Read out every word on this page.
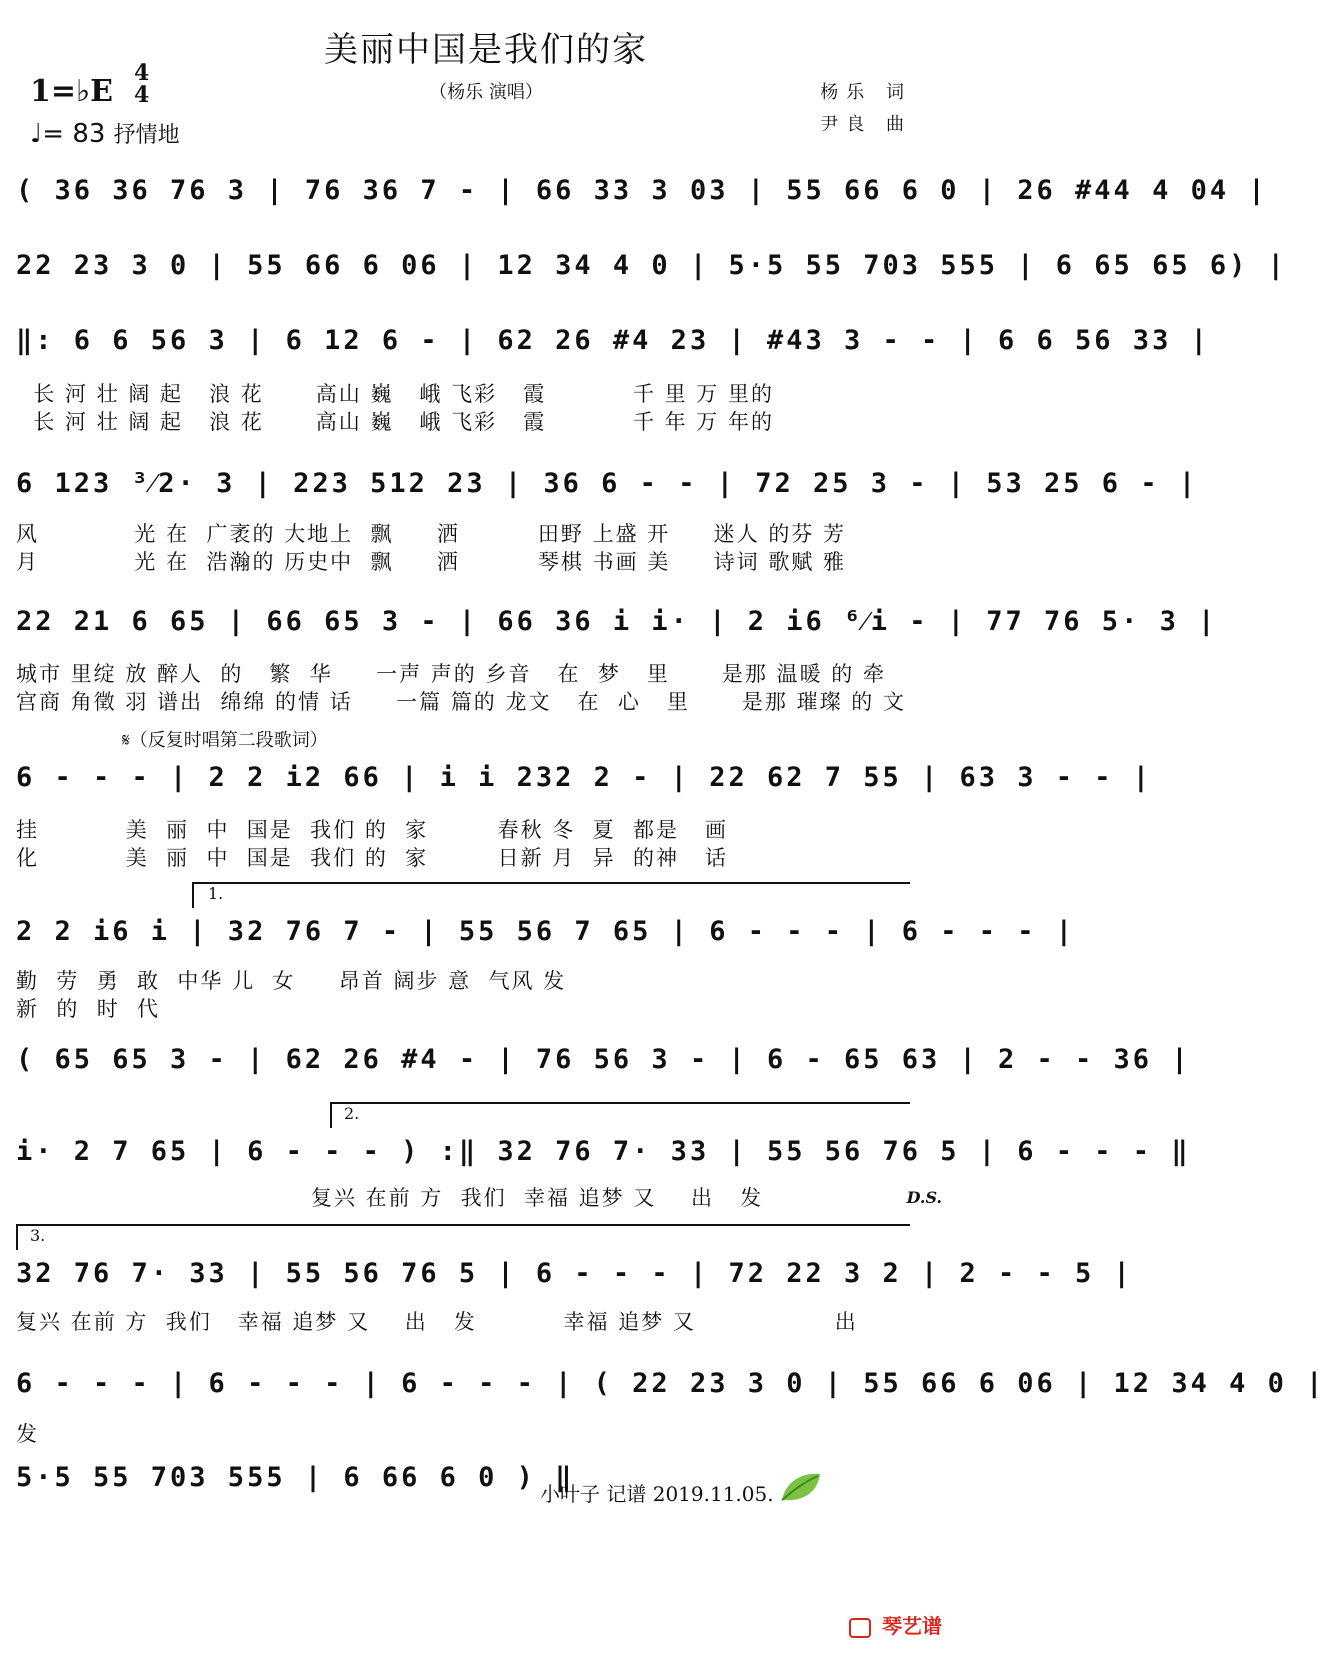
美丽中国是我们的家
（杨乐 演唱）
1=♭E
4
4
♩= 83 抒情地
杨乐 词
尹良 曲
( 36 36 76 3 | 76 36 7 - | 66 33 3 03 | 55 66 6 0 | 26 #44 4 04 |
22 23 3 0 | 55 66 6 06 | 12 34 4 0 | 5·5 55 703 555 | 6 65 65 6) |
‖: 6 6 56 3 | 6 12 6 - | 62 26 #4 23 | #43 3 - - | 6 6 56 33 |
长 河 壮 阔 起   浪 花      高山 巍   峨 飞彩   霞          千 里 万 里的
长 河 壮 阔 起   浪 花      高山 巍   峨 飞彩   霞          千 年 万 年的
6 123 ³⁄2· 3 | 223 512 23 | 36 6 - - | 72 25 3 - | 53 25 6 - |
风           光 在  广袤的 大地上  飘     洒         田野 上盛 开     迷人 的芬 芳
月           光 在  浩瀚的 历史中  飘     洒         琴棋 书画 美     诗词 歌赋 雅
22 21 6 65 | 66 65 3 - | 66 36 i i· | 2 i6 ⁶⁄i - | 77 76 5· 3 |
城市 里绽 放 醉人  的   繁  华     一声 声的 乡音   在  梦   里      是那 温暖 的 牵
宫商 角徵 羽 谱出  绵绵 的情 话     一篇 篇的 龙文   在  心   里      是那 璀璨 的 文
𝄋（反复时唱第二段歌词）
6 - - - | 2 2 i2 66 | i i 232 2 - | 22 62 7 55 | 63 3 - - |
挂          美  丽  中  国是  我们 的  家        春秋 冬  夏  都是   画
化          美  丽  中  国是  我们 的  家        日新 月  异  的神   话
1.
2 2 i6 i | 32 76 7 - | 55 56 7 65 | 6 - - - | 6 - - - |
勤  劳  勇  敢  中华 儿  女     昂首 阔步 意  气风 发
新  的  时  代
( 65 65 3 - | 62 26 #4 - | 76 56 3 - | 6 - 65 63 | 2 - - 36 |
2.
i· 2 7 65 | 6 - - - ) :‖ 32 76 7· 33 | 55 56 76 5 | 6 - - - ‖
复兴 在前 方  我们  幸福 追梦 又    出   发	D.S.
3.
32 76 7· 33 | 55 56 76 5 | 6 - - - | 72 22 3 2 | 2 - - 5 |
复兴 在前 方  我们   幸福 追梦 又    出   发          幸福 追梦 又                出
6 - - - | 6 - - - | 6 - - - | ( 22 23 3 0 | 55 66 6 06 | 12 34 4 0 |
发
5·5 55 703 555 | 6 66 6 0 ) ‖
小叶子 记谱 2019.11.05.
琴艺谱
